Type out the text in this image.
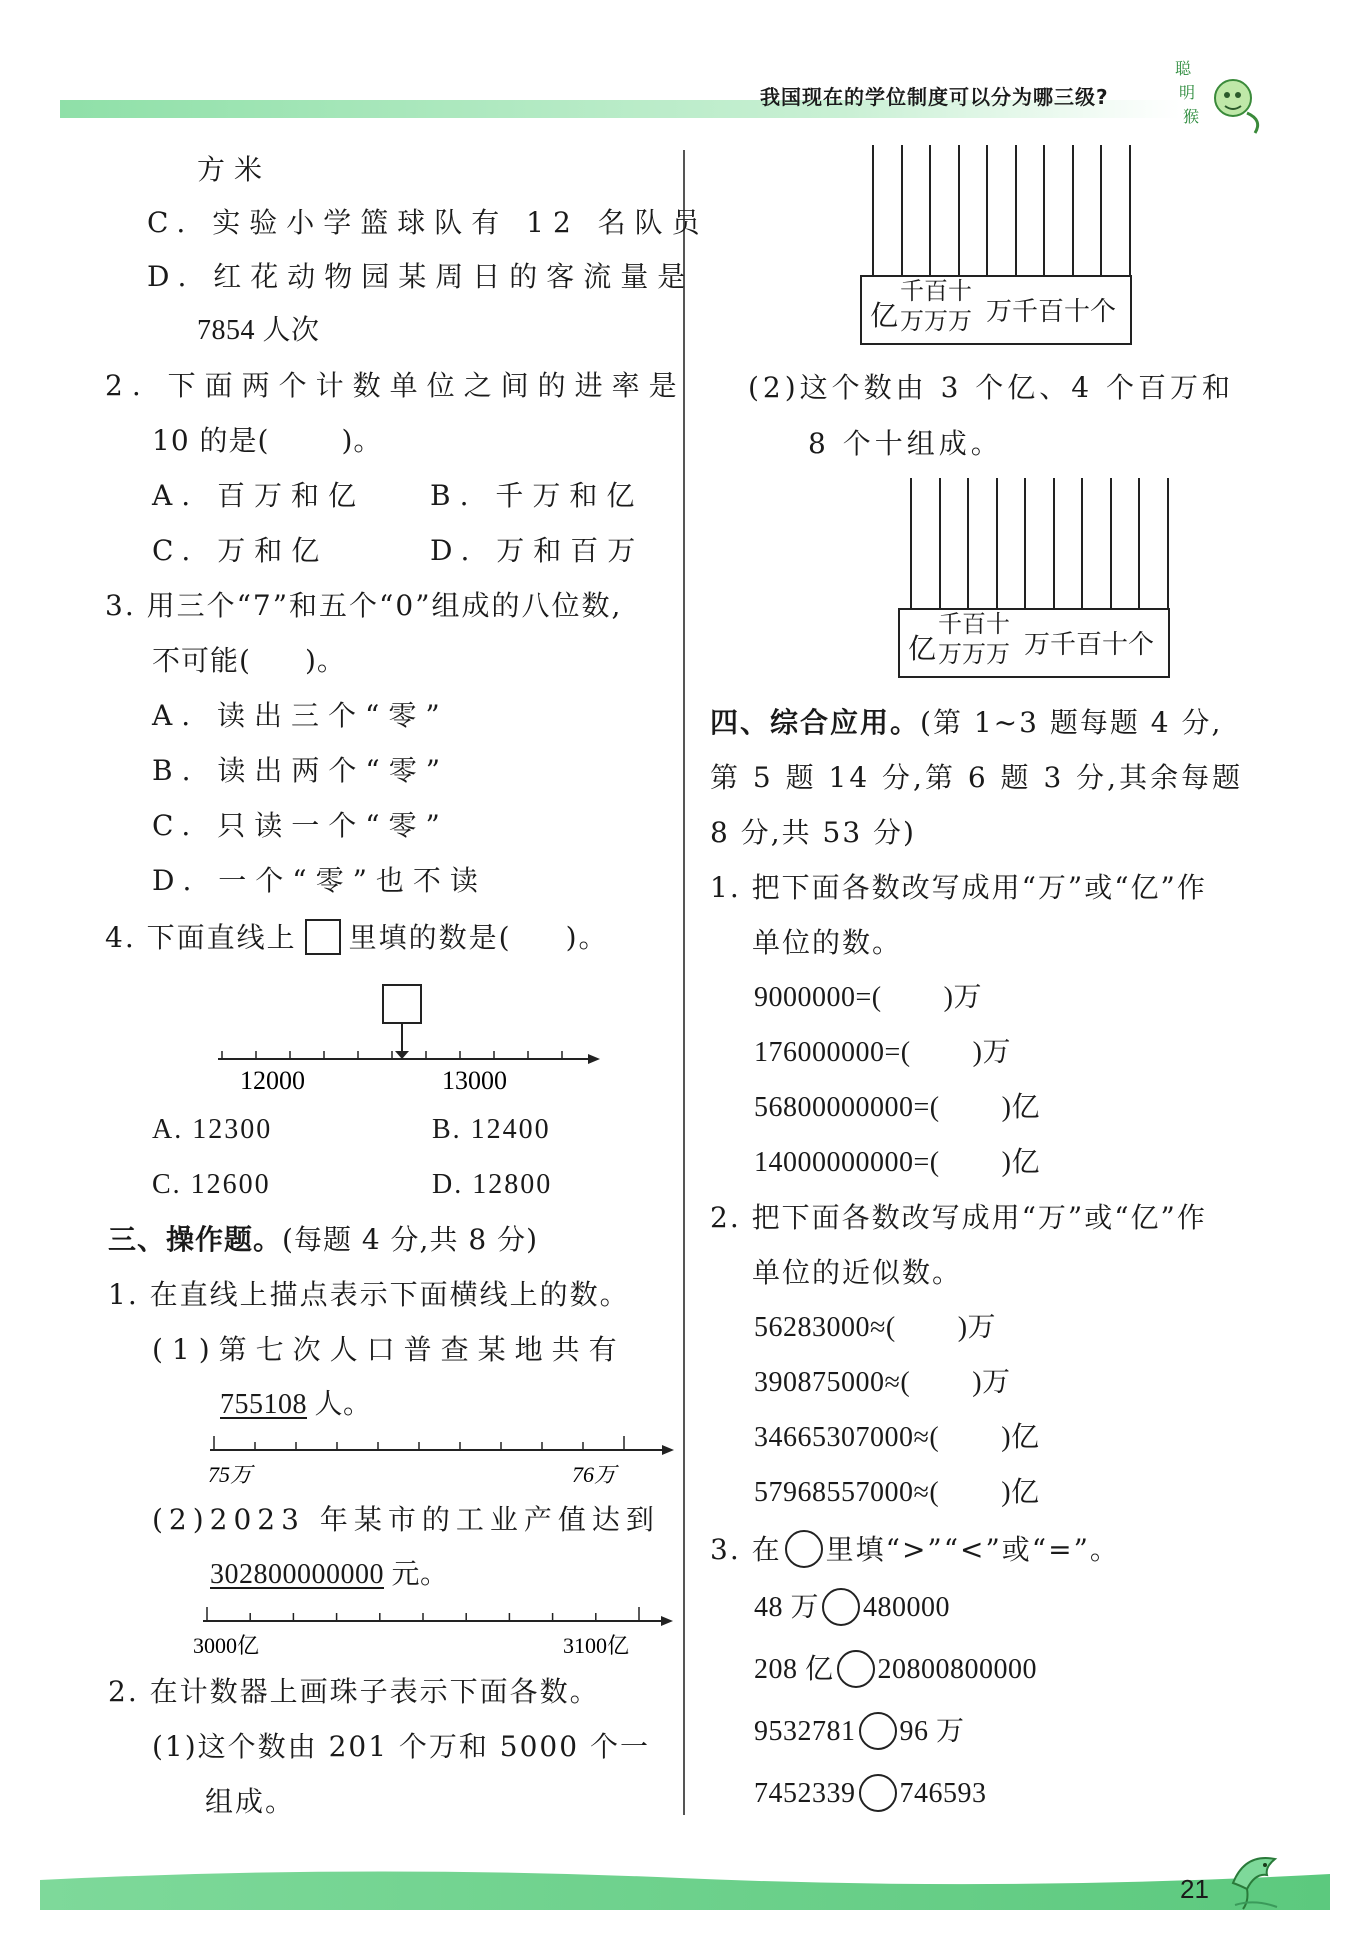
我国现在的学位制度可以分为哪三级?
聪
明
猴
方米
C. 实验小学篮球队有 12 名队员
D. 红花动物园某周日的客流量是
7854 人次
2. 下面两个计数单位之间的进率是
10 的是(	)。
A. 百万和亿 B. 千万和亿
C. 万和亿	D. 万和百万
3. 用三个“7”和五个“0”组成的八位数,
不可能( )。
A. 读出三个“零”
B. 读出两个“零”
C. 只读一个“零”
D. 一个“零”也不读
4. 下面直线上 里填的数是( )。
12000	13000
A. 12300	B. 12400
C. 12600	D. 12800
三、操作题。(每题 4 分,共 8 分)
1. 在直线上描点表示下面横线上的数。
(1)第七次人口普查某地共有
755108 人。
75万	76万
(2)2023 年某市的工业产值达到
302800000000 元。
3000亿	3100亿
2. 在计数器上画珠子表示下面各数。
(1)这个数由 201 个万和 5000 个一
组成。
亿
千百十
万万万 万千百十个
(2)这个数由 3 个亿、4 个百万和
8 个十组成。
亿
千百十
万万万 万千百十个
四、综合应用。(第 1~3 题每题 4 分,
第 5 题 14 分,第 6 题 3 分,其余每题
8 分,共 53 分)
1. 把下面各数改写成用“万”或“亿”作
单位的数。
9000000=( )万
176000000=( )万
56800000000=( )亿
14000000000=( )亿
2. 把下面各数改写成用“万”或“亿”作
单位的近似数。
56283000≈( )万
390875000≈( )万
34665307000≈( )亿
57968557000≈( )亿
3. 在 里填“>”“<”或“=”。
48 万 480000
208 亿 20800800000
9532781 96 万
7452339 746593
21
